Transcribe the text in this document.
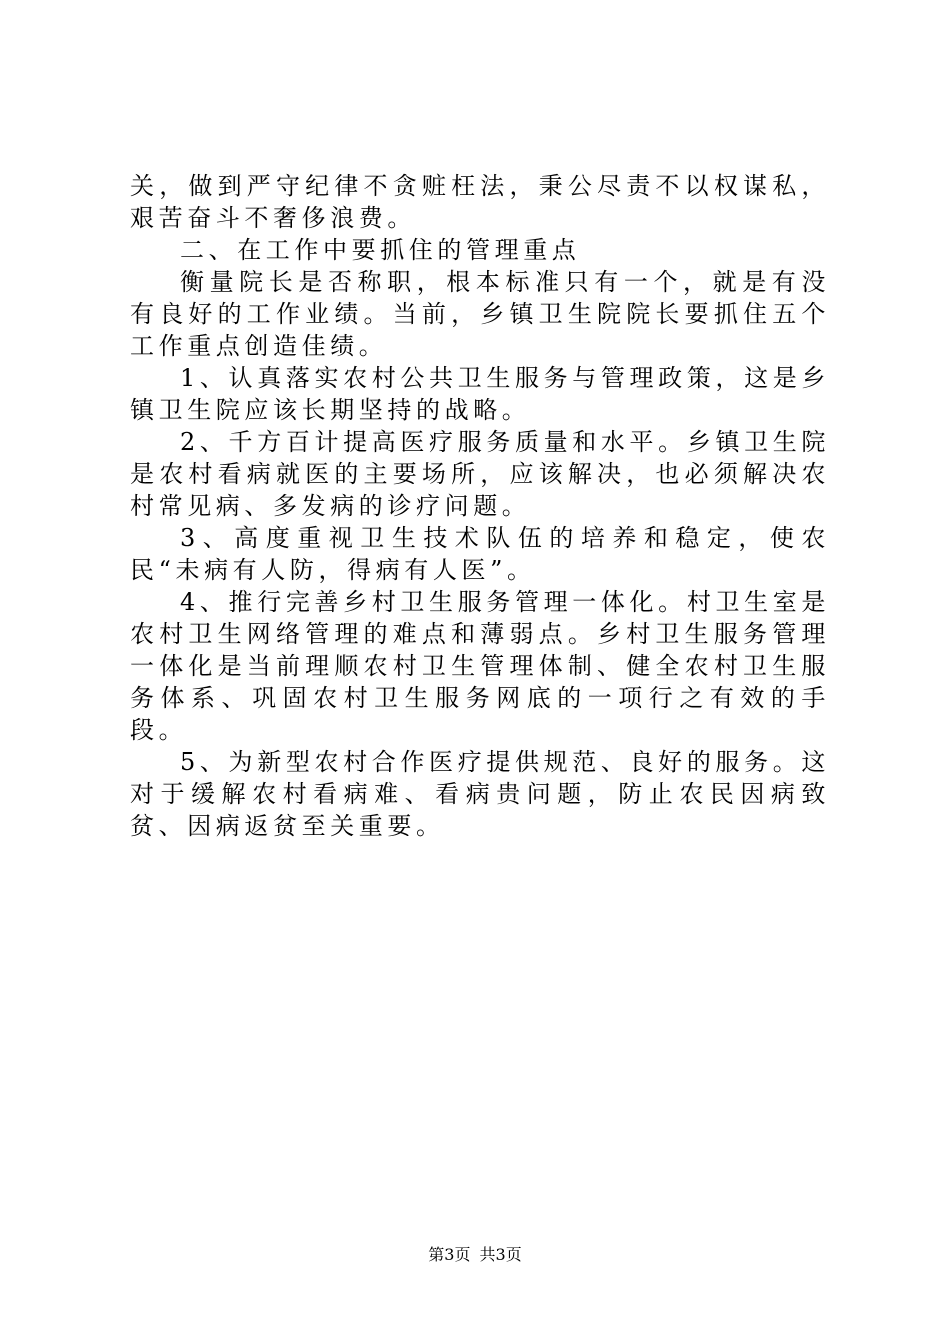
关，做到严守纪律不贪赃枉法，秉公尽责不以权谋私，艰苦奋斗不奢侈浪费。

二、在工作中要抓住的管理重点

衡量院长是否称职，根本标准只有一个，就是有没有良好的工作业绩。当前，乡镇卫生院院长要抓住五个工作重点创造佳绩。

1、认真落实农村公共卫生服务与管理政策，这是乡镇卫生院应该长期坚持的战略。

2、千方百计提高医疗服务质量和水平。乡镇卫生院是农村看病就医的主要场所，应该解决，也必须解决农村常见病、多发病的诊疗问题。

3、高度重视卫生技术队伍的培养和稳定，使农民“未病有人防，得病有人医”。

4、推行完善乡村卫生服务管理一体化。村卫生室是农村卫生网络管理的难点和薄弱点。乡村卫生服务管理一体化是当前理顺农村卫生管理体制、健全农村卫生服务体系、巩固农村卫生服务网底的一项行之有效的手段。

5、为新型农村合作医疗提供规范、良好的服务。这对于缓解农村看病难、看病贵问题，防止农民因病致贫、因病返贫至关重要。

第3页 共3页
